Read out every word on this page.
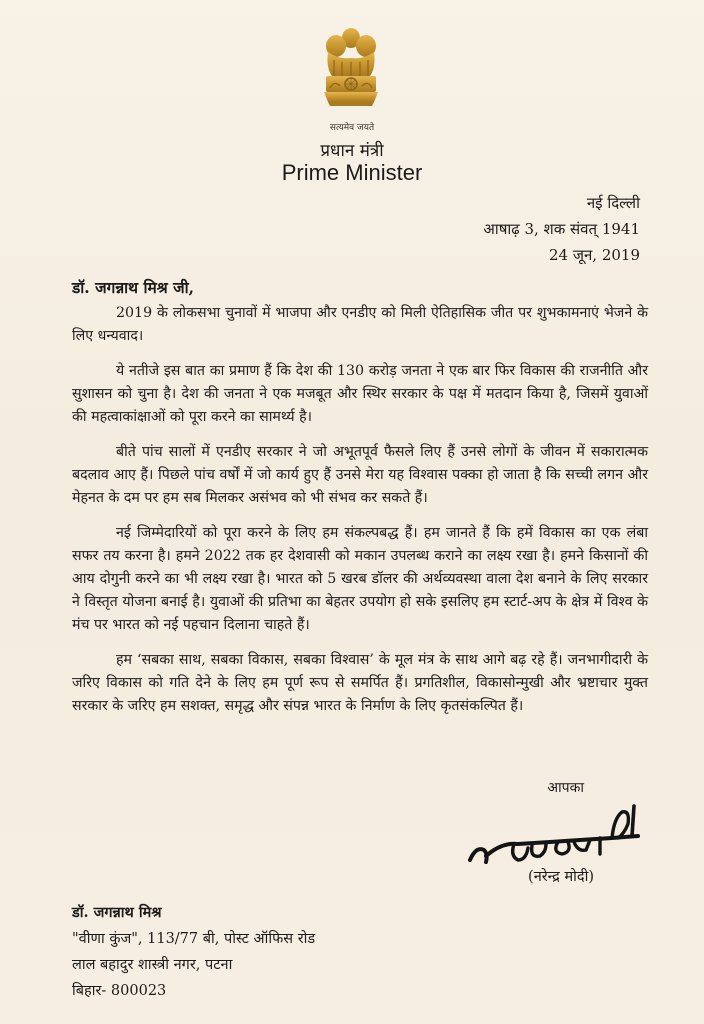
सत्यमेव जयते
प्रधान मंत्री
Prime Minister
नई दिल्ली
आषाढ़ 3, शक संवत् 1941
24 जून, 2019
डॉ. जगन्नाथ मिश्र जी,

2019 के लोकसभा चुनावों में भाजपा और एनडीए को मिली ऐतिहासिक जीत पर शुभकामनाएं भेजने के लिए धन्यवाद।

ये नतीजे इस बात का प्रमाण हैं कि देश की 130 करोड़ जनता ने एक बार फिर विकास की राजनीति और सुशासन को चुना है। देश की जनता ने एक मजबूत और स्थिर सरकार के पक्ष में मतदान किया है, जिसमें युवाओं की महत्वाकांक्षाओं को पूरा करने का सामर्थ्य है।

बीते पांच सालों में एनडीए सरकार ने जो अभूतपूर्व फैसले लिए हैं उनसे लोगों के जीवन में सकारात्मक बदलाव आए हैं। पिछले पांच वर्षों में जो कार्य हुए हैं उनसे मेरा यह विश्वास पक्का हो जाता है कि सच्ची लगन और मेहनत के दम पर हम सब मिलकर असंभव को भी संभव कर सकते हैं।

नई जिम्मेदारियों को पूरा करने के लिए हम संकल्पबद्ध हैं। हम जानते हैं कि हमें विकास का एक लंबा सफर तय करना है। हमने 2022 तक हर देशवासी को मकान उपलब्ध कराने का लक्ष्य रखा है। हमने किसानों की आय दोगुनी करने का भी लक्ष्य रखा है। भारत को 5 खरब डॉलर की अर्थव्यवस्था वाला देश बनाने के लिए सरकार ने विस्तृत योजना बनाई है। युवाओं की प्रतिभा का बेहतर उपयोग हो सके इसलिए हम स्टार्ट-अप के क्षेत्र में विश्व के मंच पर भारत को नई पहचान दिलाना चाहते हैं।

हम ‘सबका साथ, सबका विकास, सबका विश्वास’ के मूल मंत्र के साथ आगे बढ़ रहे हैं। जनभागीदारी के जरिए विकास को गति देने के लिए हम पूर्ण रूप से समर्पित हैं। प्रगतिशील, विकासोन्मुखी और भ्रष्टाचार मुक्त सरकार के जरिए हम सशक्त, समृद्ध और संपन्न भारत के निर्माण के लिए कृतसंकल्पित हैं।

आपका
(नरेन्द्र मोदी)
डॉ. जगन्नाथ मिश्र
"वीणा कुंज", 113/77 बी, पोस्ट ऑफिस रोड
लाल बहादुर शास्त्री नगर, पटना
बिहार- 800023
